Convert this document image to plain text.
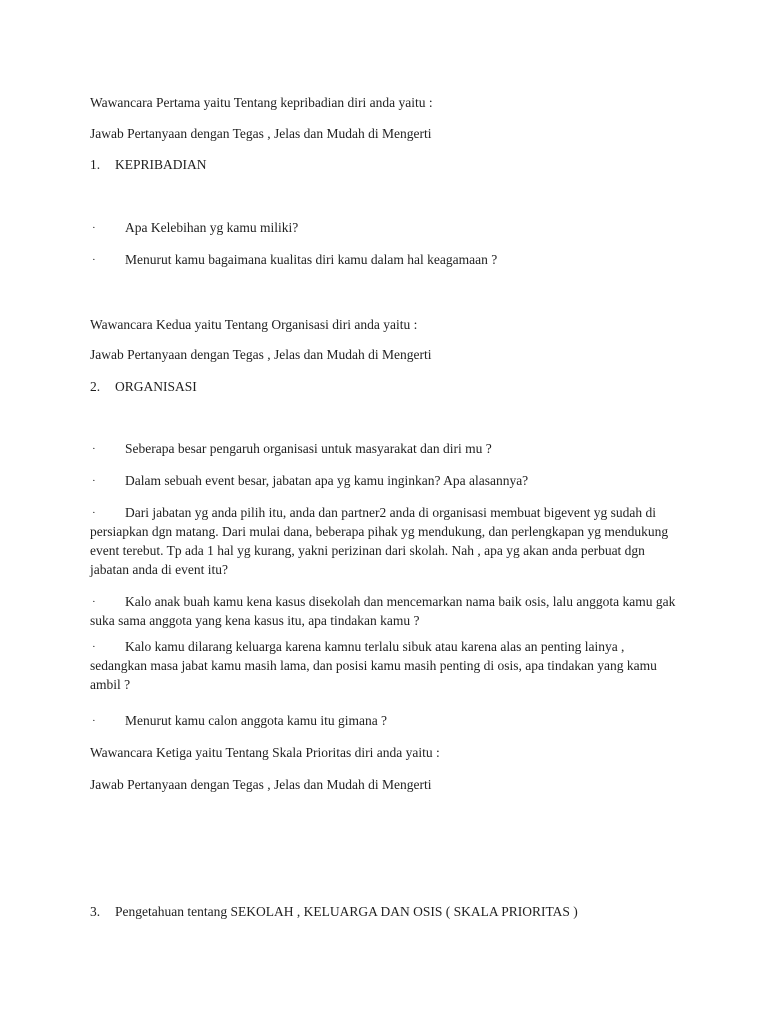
Wawancara Pertama yaitu Tentang kepribadian diri anda yaitu :
Jawab Pertanyaan dengan Tegas , Jelas dan Mudah di Mengerti
1. KEPRIBADIAN
· Apa Kelebihan yg kamu miliki?
· Menurut kamu bagaimana kualitas diri kamu dalam hal keagamaan ?
Wawancara Kedua yaitu Tentang Organisasi diri anda yaitu :
Jawab Pertanyaan dengan Tegas , Jelas dan Mudah di Mengerti
2. ORGANISASI
· Seberapa besar pengaruh organisasi untuk masyarakat dan diri mu ?
· Dalam sebuah event besar, jabatan apa yg kamu inginkan? Apa alasannya?
·	Dari jabatan yg anda pilih itu, anda dan partner2 anda di organisasi membuat bigevent yg sudah di persiapkan dgn matang. Dari mulai dana, beberapa pihak yg mendukung, dan perlengkapan yg mendukung event terebut. Tp ada 1 hal yg kurang, yakni perizinan dari skolah. Nah , apa yg akan anda perbuat dgn jabatan anda di event itu?
·	Kalo anak buah kamu kena kasus disekolah dan mencemarkan nama baik osis, lalu anggota kamu gak suka sama anggota yang kena kasus itu, apa tindakan kamu ?
·	Kalo kamu dilarang keluarga karena kamnu terlalu sibuk atau karena alas an penting lainya , sedangkan masa jabat kamu masih lama, dan posisi kamu masih penting di osis, apa tindakan yang kamu ambil ?
· Menurut kamu calon anggota kamu itu gimana ?
Wawancara Ketiga yaitu Tentang Skala Prioritas diri anda yaitu :
Jawab Pertanyaan dengan Tegas , Jelas dan Mudah di Mengerti
3. Pengetahuan tentang SEKOLAH , KELUARGA DAN OSIS ( SKALA PRIORITAS )
